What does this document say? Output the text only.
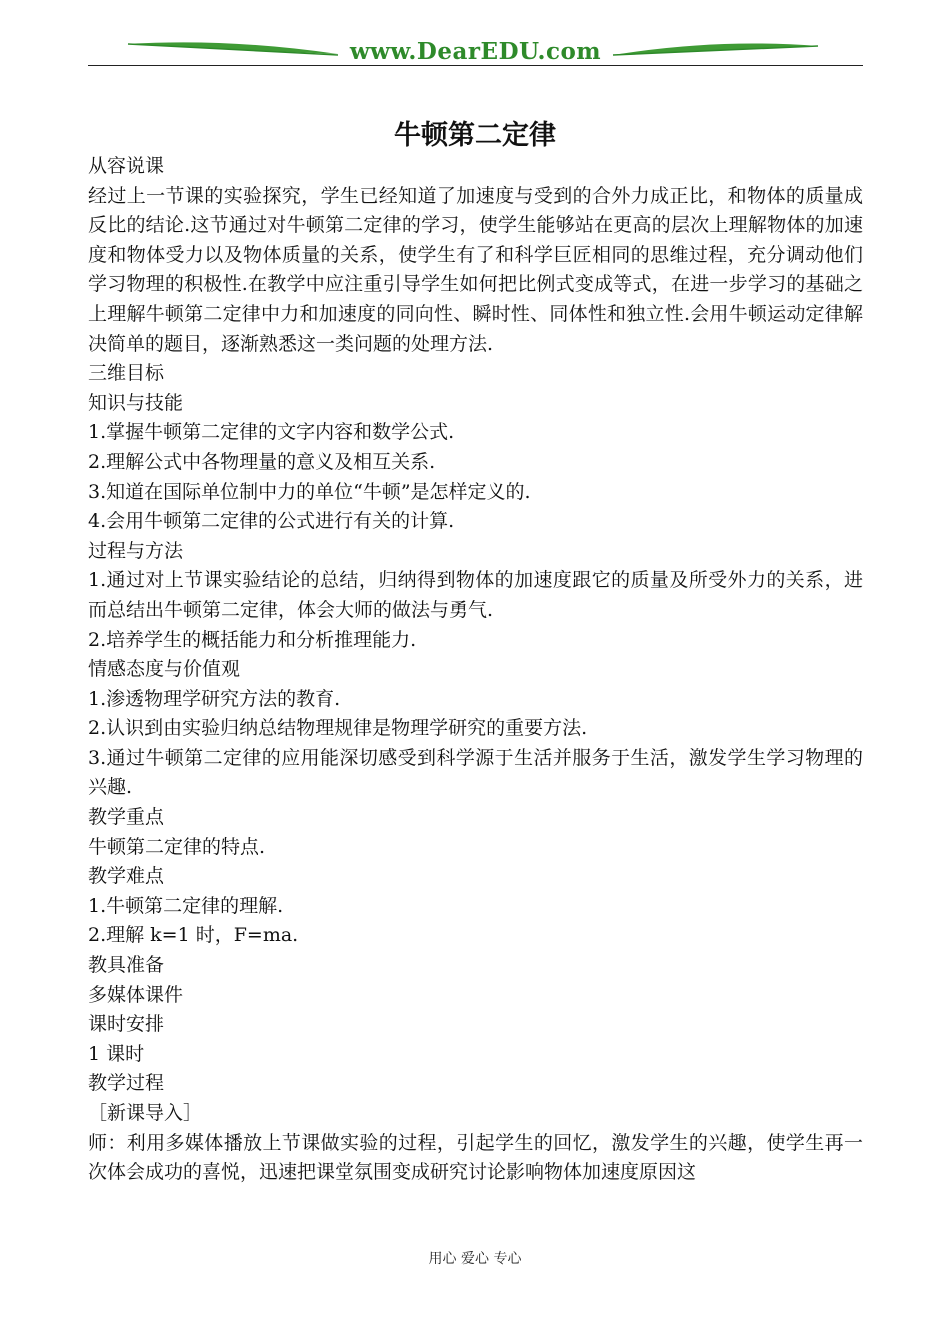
www.DearEDU.com
牛顿第二定律

从容说课

经过上一节课的实验探究，学生已经知道了加速度与受到的合外力成正比，和物体的质量成反比的结论.这节通过对牛顿第二定律的学习，使学生能够站在更高的层次上理解物体的加速度和物体受力以及物体质量的关系，使学生有了和科学巨匠相同的思维过程，充分调动他们学习物理的积极性.在教学中应注重引导学生如何把比例式变成等式，在进一步学习的基础之上理解牛顿第二定律中力和加速度的同向性、瞬时性、同体性和独立性.会用牛顿运动定律解决简单的题目，逐渐熟悉这一类问题的处理方法.

三维目标

知识与技能

1.掌握牛顿第二定律的文字内容和数学公式.

2.理解公式中各物理量的意义及相互关系.

3.知道在国际单位制中力的单位“牛顿”是怎样定义的.

4.会用牛顿第二定律的公式进行有关的计算.

过程与方法

1.通过对上节课实验结论的总结，归纳得到物体的加速度跟它的质量及所受外力的关系，进而总结出牛顿第二定律，体会大师的做法与勇气.

2.培养学生的概括能力和分析推理能力.

情感态度与价值观

1.渗透物理学研究方法的教育.

2.认识到由实验归纳总结物理规律是物理学研究的重要方法.

3.通过牛顿第二定律的应用能深切感受到科学源于生活并服务于生活，激发学生学习物理的兴趣.

教学重点

牛顿第二定律的特点.

教学难点

1.牛顿第二定律的理解.

2.理解 k=1 时，F=ma.

教具准备

多媒体课件

课时安排

1 课时

教学过程

［新课导入］

师：利用多媒体播放上节课做实验的过程，引起学生的回忆，激发学生的兴趣，使学生再一次体会成功的喜悦，迅速把课堂氛围变成研究讨论影响物体加速度原因这

用心 爱心 专心
